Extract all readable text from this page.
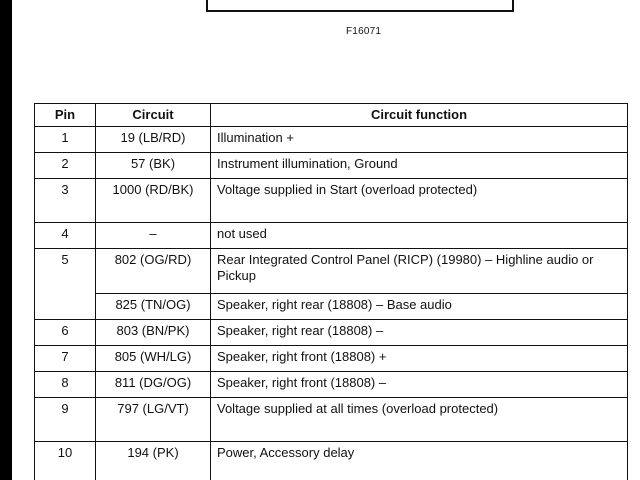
F16071
Pin	Circuit	Circuit function
1	19 (LB/RD)	Illumination +
2	57 (BK)	Instrument illumination, Ground
3	1000 (RD/BK)	Voltage supplied in Start (overload protected)
4	–	not used
5	802 (OG/RD)	Rear Integrated Control Panel (RICP) (19980) – Highline audio or Pickup
	825 (TN/OG)	Speaker, right rear (18808) – Base audio
6	803 (BN/PK)	Speaker, right rear (18808) –
7	805 (WH/LG)	Speaker, right front (18808) +
8	811 (DG/OG)	Speaker, right front (18808) –
9	797 (LG/VT)	Voltage supplied at all times (overload protected)
10	194 (PK)	Power, Accessory delay
